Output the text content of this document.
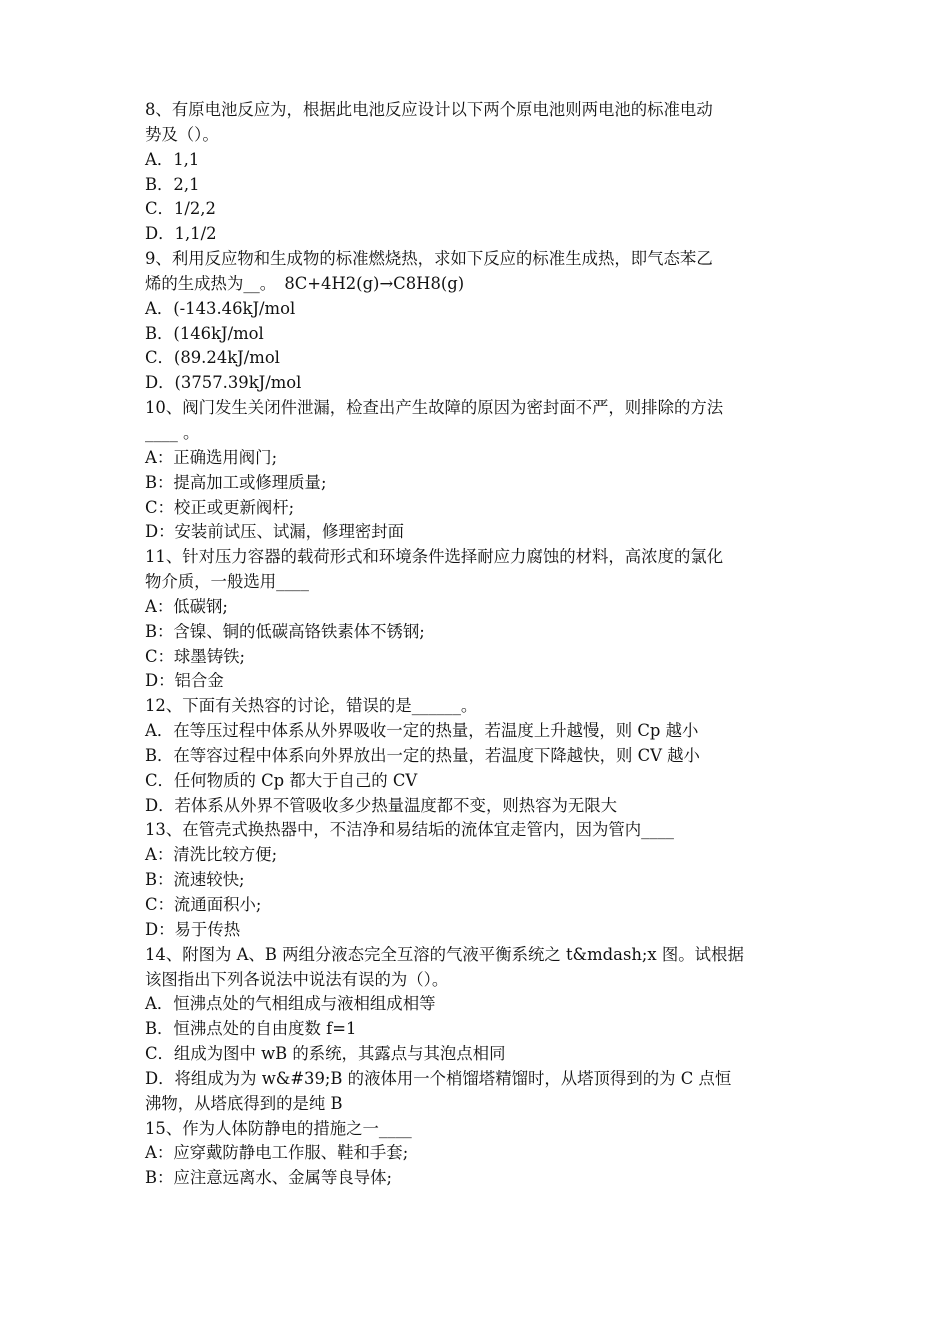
8、有原电池反应为，根据此电池反应设计以下两个原电池则两电池的标准电动
势及（）。
A．1,1
B．2,1
C．1/2,2
D．1,1/2
9、利用反应物和生成物的标准燃烧热，求如下反应的标准生成热，即气态苯乙
烯的生成热为__。　8C+4H2(g)→C8H8(g)
A．(-143.46kJ/mol
B．(146kJ/mol
C．(89.24kJ/mol
D．(3757.39kJ/mol
10、阀门发生关闭件泄漏，检查出产生故障的原因为密封面不严，则排除的方法
____ 。
A：正确选用阀门;
B：提高加工或修理质量;
C：校正或更新阀杆;
D：安装前试压、试漏，修理密封面
11、针对压力容器的载荷形式和环境条件选择耐应力腐蚀的材料，高浓度的氯化
物介质，一般选用____
A：低碳钢;
B：含镍、铜的低碳高铬铁素体不锈钢;
C：球墨铸铁;
D：铝合金
12、下面有关热容的讨论，错误的是______。
A．在等压过程中体系从外界吸收一定的热量，若温度上升越慢，则 Cp 越小
B．在等容过程中体系向外界放出一定的热量，若温度下降越快，则 CV 越小
C．任何物质的 Cp 都大于自己的 CV
D．若体系从外界不管吸收多少热量温度都不变，则热容为无限大
13、在管壳式换热器中，不洁净和易结垢的流体宜走管内，因为管内____
A：清洗比较方便;
B：流速较快;
C：流通面积小;
D：易于传热
14、附图为 A、B 两组分液态完全互溶的气液平衡系统之 t&mdash;x 图。试根据
该图指出下列各说法中说法有误的为（）。
A．恒沸点处的气相组成与液相组成相等
B．恒沸点处的自由度数 f=1
C．组成为图中 wB 的系统，其露点与其泡点相同
D．将组成为为 w&#39;B 的液体用一个梢馏塔精馏时，从塔顶得到的为 C 点恒
沸物，从塔底得到的是纯 B
15、作为人体防静电的措施之一____
A：应穿戴防静电工作服、鞋和手套;
B：应注意远离水、金属等良导体;
